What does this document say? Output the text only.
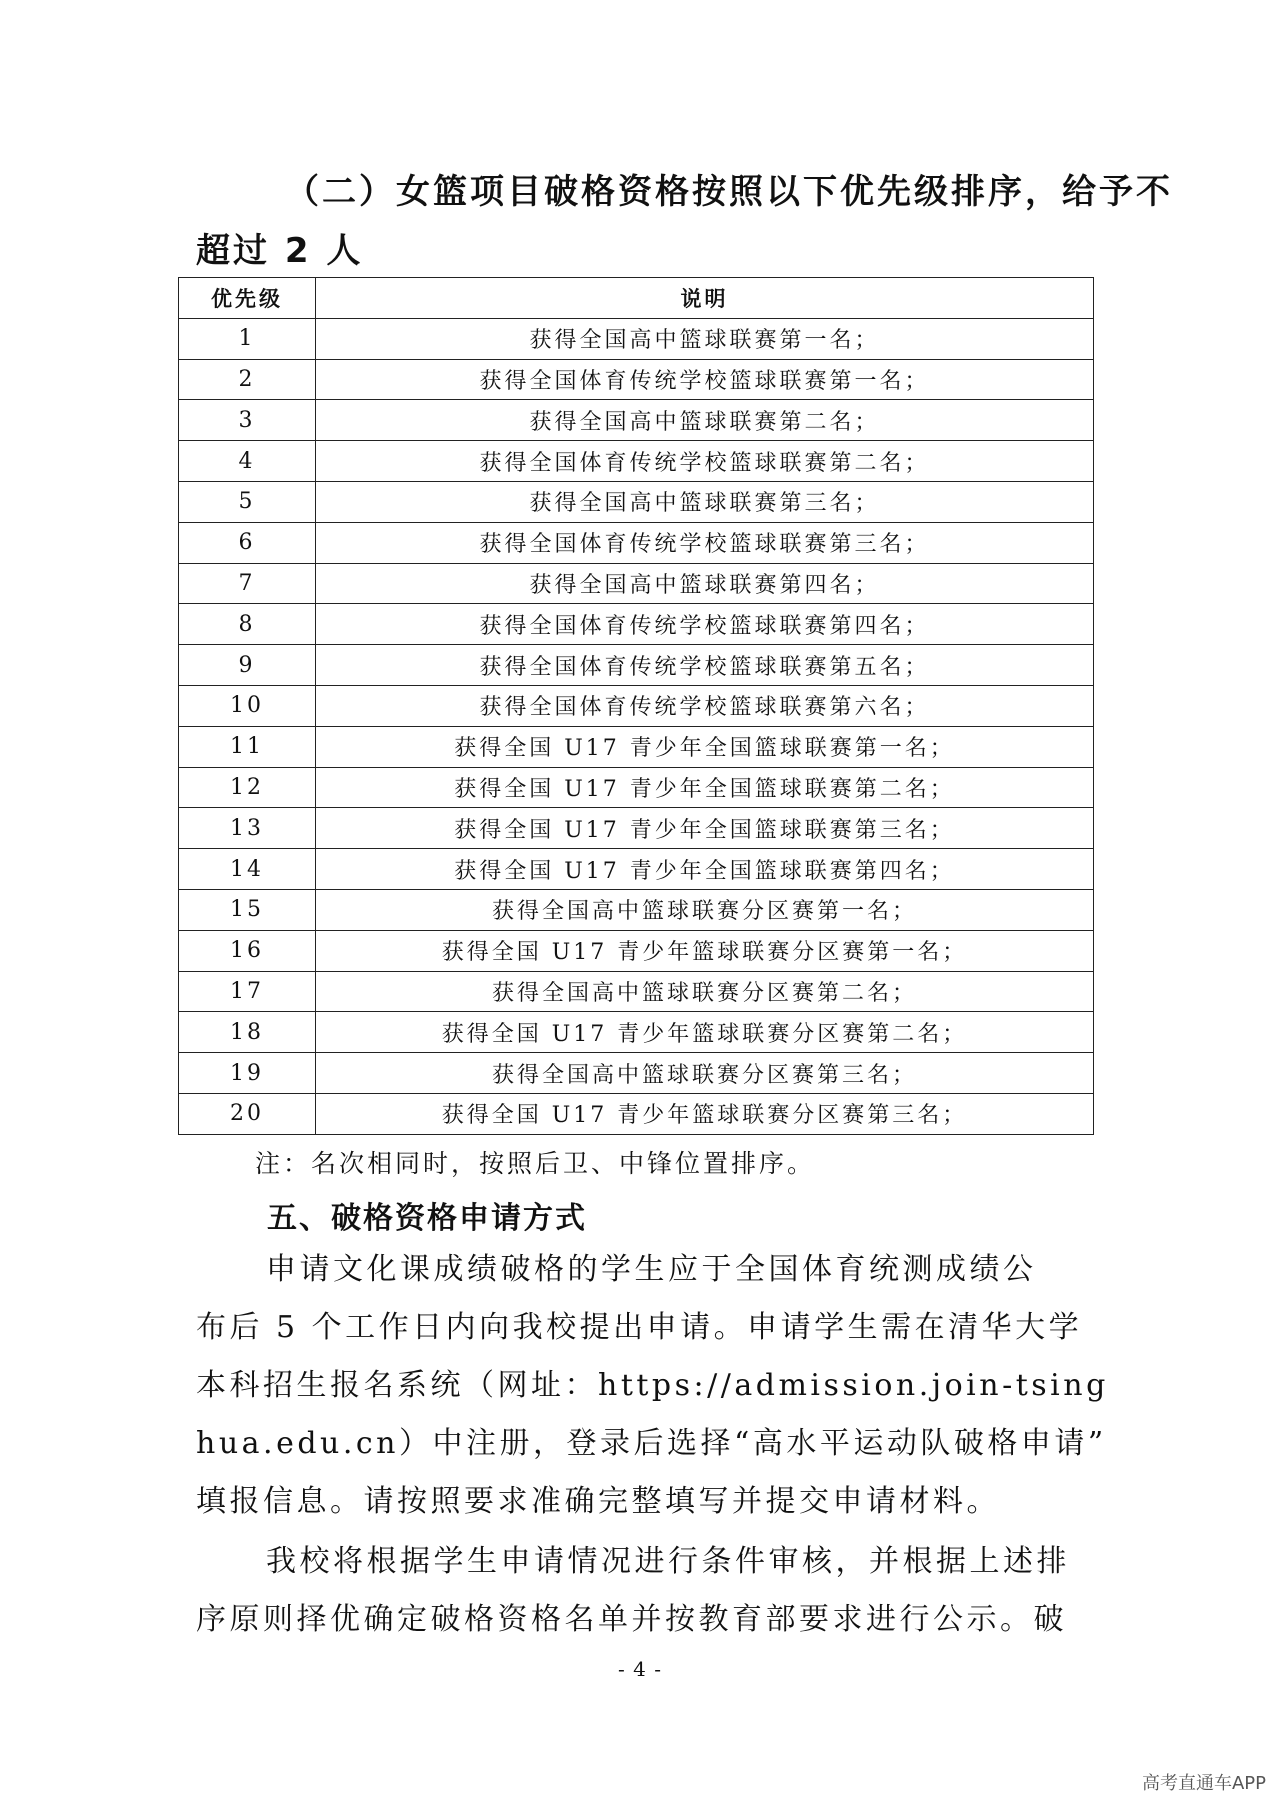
（二）女篮项目破格资格按照以下优先级排序，给予不
超过 2 人
优先级	说明
1	获得全国高中篮球联赛第一名；
2	获得全国体育传统学校篮球联赛第一名；
3	获得全国高中篮球联赛第二名；
4	获得全国体育传统学校篮球联赛第二名；
5	获得全国高中篮球联赛第三名；
6	获得全国体育传统学校篮球联赛第三名；
7	获得全国高中篮球联赛第四名；
8	获得全国体育传统学校篮球联赛第四名；
9	获得全国体育传统学校篮球联赛第五名；
10	获得全国体育传统学校篮球联赛第六名；
11	获得全国 U17 青少年全国篮球联赛第一名；
12	获得全国 U17 青少年全国篮球联赛第二名；
13	获得全国 U17 青少年全国篮球联赛第三名；
14	获得全国 U17 青少年全国篮球联赛第四名；
15	获得全国高中篮球联赛分区赛第一名；
16	获得全国 U17 青少年篮球联赛分区赛第一名；
17	获得全国高中篮球联赛分区赛第二名；
18	获得全国 U17 青少年篮球联赛分区赛第二名；
19	获得全国高中篮球联赛分区赛第三名；
20	获得全国 U17 青少年篮球联赛分区赛第三名；
注：名次相同时，按照后卫、中锋位置排序。
五、破格资格申请方式
申请文化课成绩破格的学生应于全国体育统测成绩公
布后 5 个工作日内向我校提出申请。申请学生需在清华大学
本科招生报名系统（网址：https://admission.join-tsing
hua.edu.cn）中注册，登录后选择“高水平运动队破格申请”
填报信息。请按照要求准确完整填写并提交申请材料。
我校将根据学生申请情况进行条件审核，并根据上述排
序原则择优确定破格资格名单并按教育部要求进行公示。破
- 4 -
高考直通车APP
